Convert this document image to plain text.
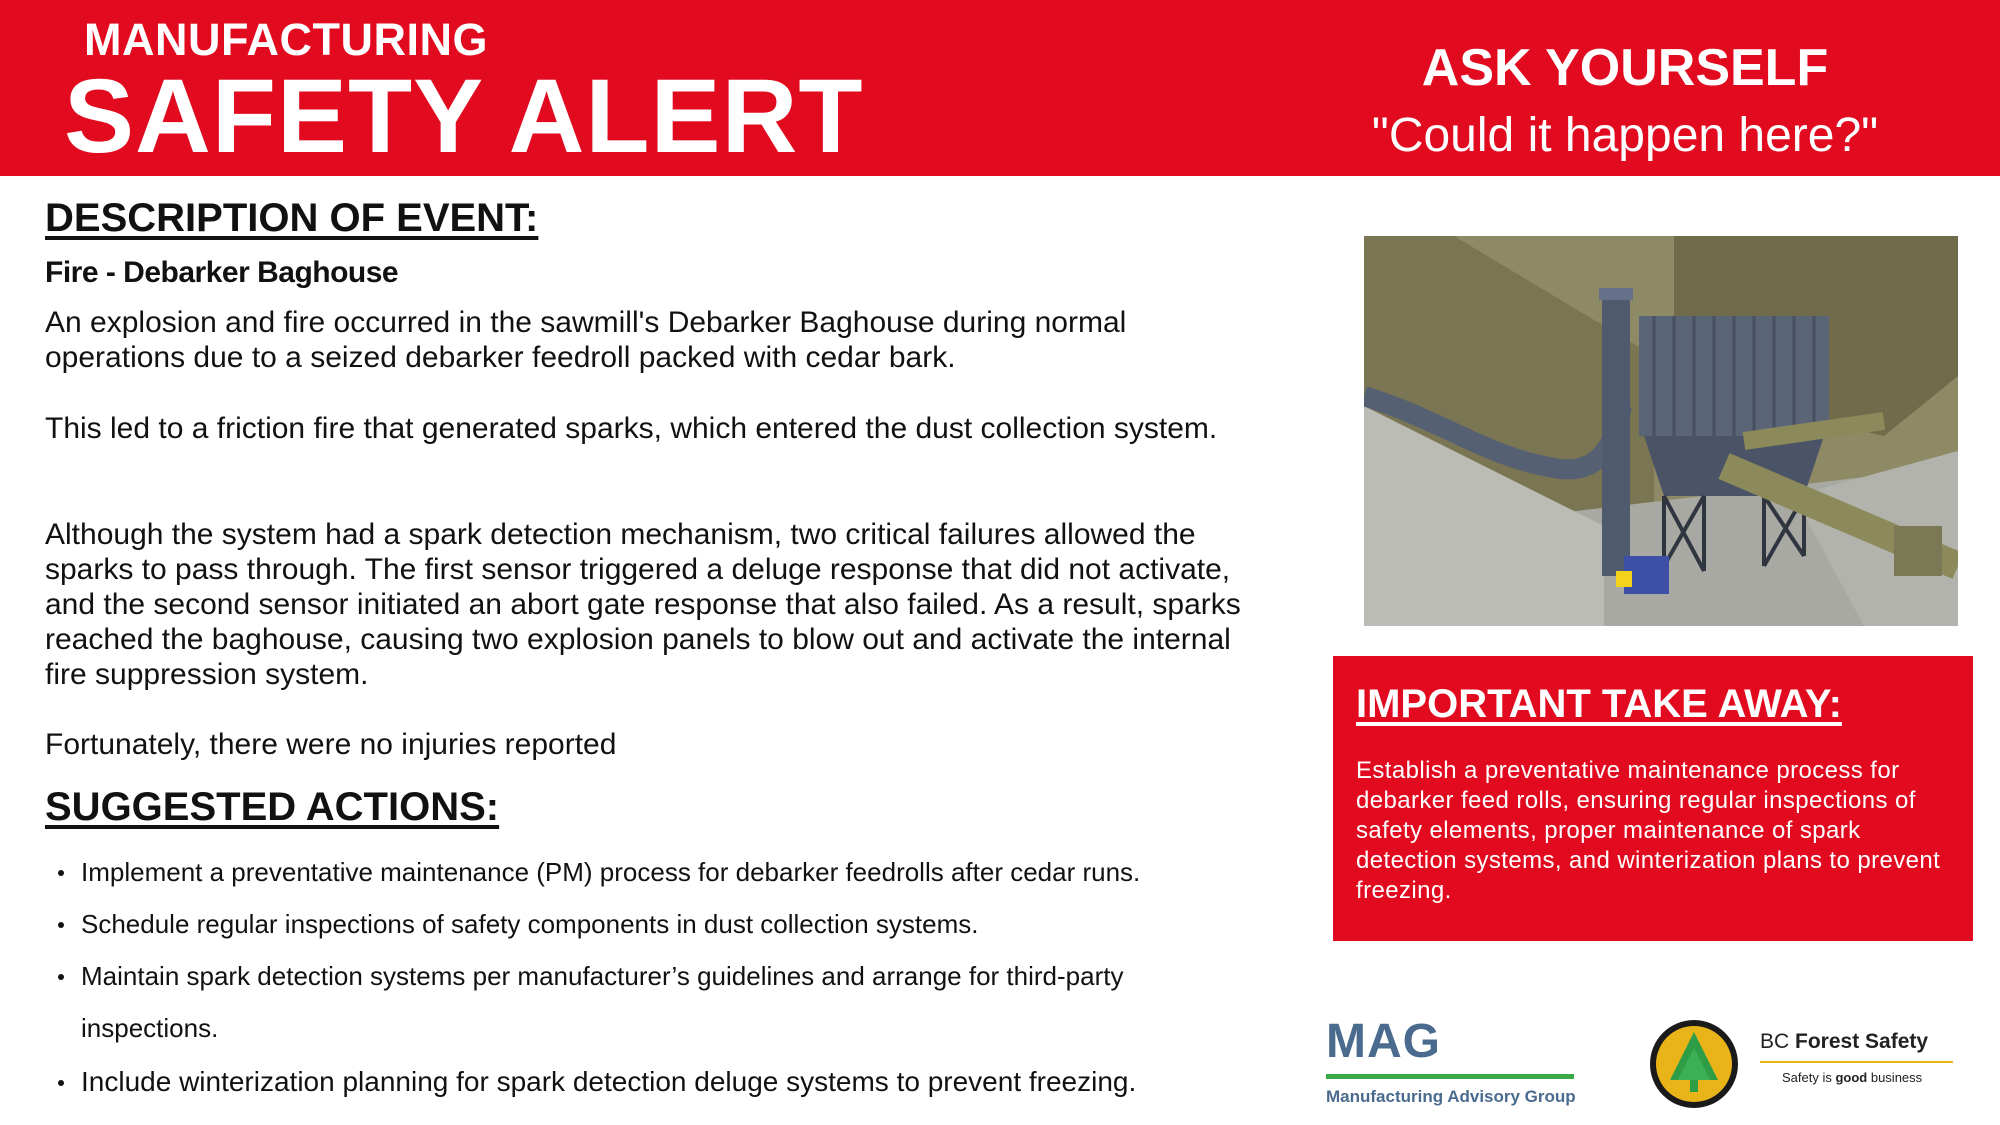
MANUFACTURING
SAFETY ALERT	ASK YOURSELF
"Could it happen here?"
DESCRIPTION OF EVENT:
Fire - Debarker Baghouse

An explosion and fire occurred in the sawmill's Debarker Baghouse during normal operations due to a seized debarker feedroll packed with cedar bark.

This led to a friction fire that generated sparks, which entered the dust collection system.

Although the system had a spark detection mechanism, two critical failures allowed the sparks to pass through. The first sensor triggered a deluge response that did not activate, and the second sensor initiated an abort gate response that also failed. As a result, sparks reached the baghouse, causing two explosion panels to blow out and activate the internal fire suppression system.

Fortunately, there were no injuries reported

SUGGESTED ACTIONS:
Implement a preventative maintenance (PM) process for debarker feedrolls after cedar runs.
Schedule regular inspections of safety components in dust collection systems.
Maintain spark detection systems per manufacturer’s guidelines and arrange for third-party inspections.
Include winterization planning for spark detection deluge systems to prevent freezing.
IMPORTANT TAKE AWAY:
Establish a preventative maintenance process for debarker feed rolls, ensuring regular inspections of safety elements, proper maintenance of spark detection systems, and winterization plans to prevent freezing.
MAG
Manufacturing Advisory Group
BC Forest Safety
Safety is good business
